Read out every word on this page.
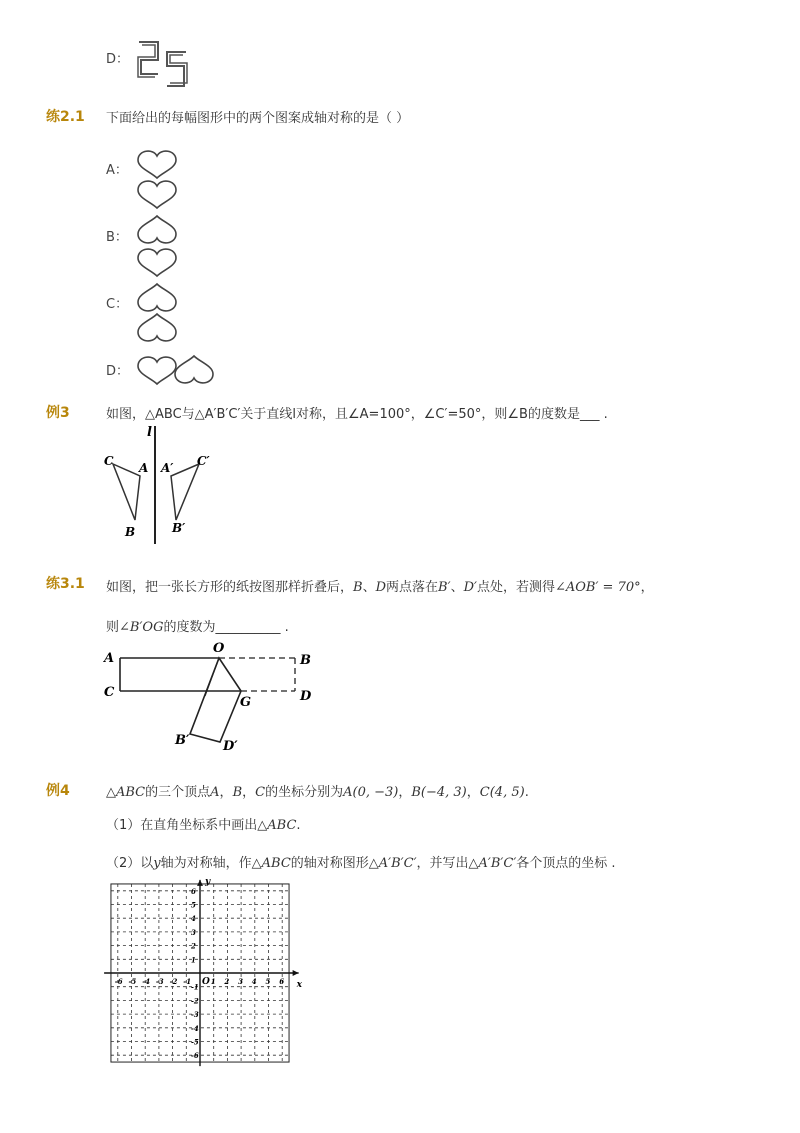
D：
练2.1 下面给出的每幅图形中的两个图案成轴对称的是（ ）
A：
B：
C：
D：
例3	如图，△ABC与△A′B′C′关于直线l对称，且∠A=100°，∠C′=50°，则∠B的度数是___ .
l
C A
B
A′ C′
B′
练3.1 如图，把一张长方形的纸按图那样折叠后，B、D两点落在B′、D′点处，若测得∠AOB′ = 70°，
则∠B′OG的度数为__________ .
A
O
B
C
G	D
B′	D′
例4	△ABC的三个顶点A，B，C的坐标分别为A(0, −3)，B(−4, 3)，C(4, 5).
（1）在直角坐标系中画出△ABC.
（2）以y轴为对称轴，作△ABC的轴对称图形△A′B′C′，并写出△A′B′C′各个顶点的坐标 .
x
y
O
-6 -5 -4 -3 -2 -1	1 2 3 4 5 6
6
5
4
3
2
1
-1
-2
-3
-4
-5
-6
